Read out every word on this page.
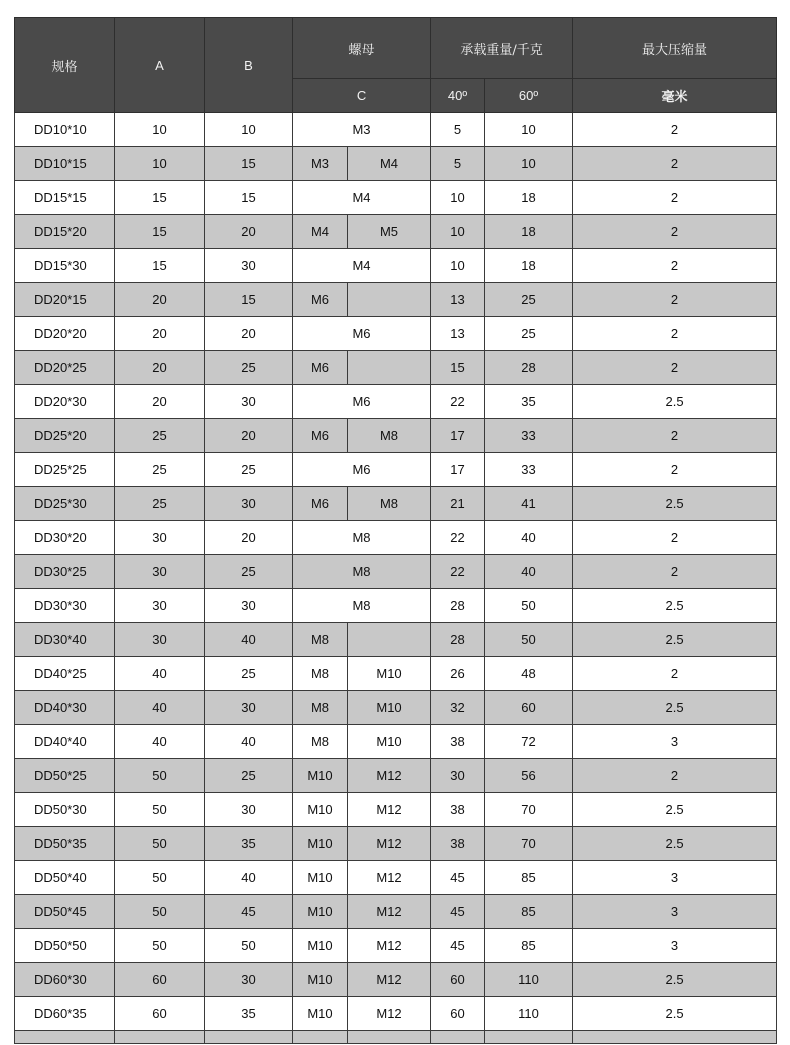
规格	A	B	螺母		承载重量/千克		最大压缩量
			C		40º	60º	毫米
DD10*10	10	10	M3		5	10	2
DD10*15	10	15	M3	M4	5	10	2
DD15*15	15	15	M4		10	18	2
DD15*20	15	20	M4	M5	10	18	2
DD15*30	15	30	M4		10	18	2
DD20*15	20	15	M6		13	25	2
DD20*20	20	20	M6		13	25	2
DD20*25	20	25	M6		15	28	2
DD20*30	20	30	M6		22	35	2.5
DD25*20	25	20	M6	M8	17	33	2
DD25*25	25	25	M6		17	33	2
DD25*30	25	30	M6	M8	21	41	2.5
DD30*20	30	20	M8		22	40	2
DD30*25	30	25	M8		22	40	2
DD30*30	30	30	M8		28	50	2.5
DD30*40	30	40	M8		28	50	2.5
DD40*25	40	25	M8	M10	26	48	2
DD40*30	40	30	M8	M10	32	60	2.5
DD40*40	40	40	M8	M10	38	72	3
DD50*25	50	25	M10	M12	30	56	2
DD50*30	50	30	M10	M12	38	70	2.5
DD50*35	50	35	M10	M12	38	70	2.5
DD50*40	50	40	M10	M12	45	85	3
DD50*45	50	45	M10	M12	45	85	3
DD50*50	50	50	M10	M12	45	85	3
DD60*30	60	30	M10	M12	60	110	2.5
DD60*35	60	35	M10	M12	60	110	2.5
